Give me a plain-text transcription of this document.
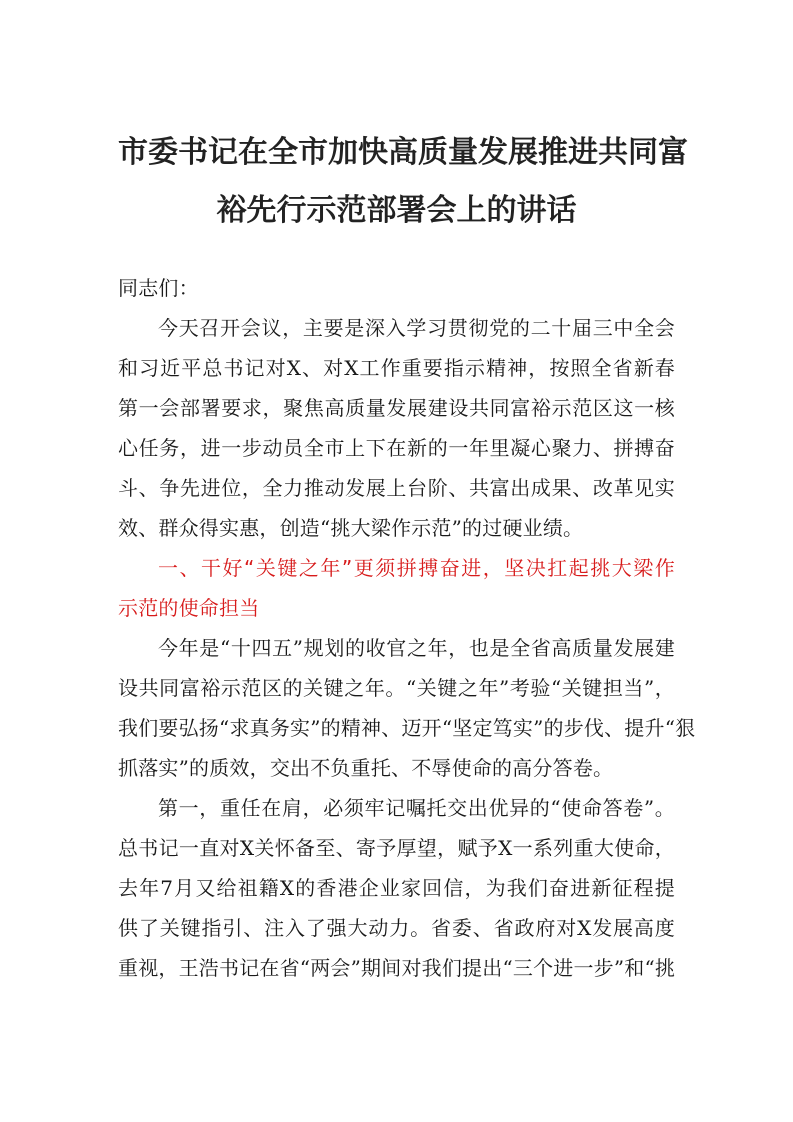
市委书记在全市加快高质量发展推进共同富
裕先行示范部署会上的讲话
同志们：
今天召开会议，主要是深入学习贯彻党的二十届三中全会
和习近平总书记对X、对X工作重要指示精神，按照全省新春
第一会部署要求，聚焦高质量发展建设共同富裕示范区这一核
心任务，进一步动员全市上下在新的一年里凝心聚力、拼搏奋
斗、争先进位，全力推动发展上台阶、共富出成果、改革见实
效、群众得实惠，创造“挑大梁作示范”的过硬业绩。
一、干好“关键之年”更须拼搏奋进，坚决扛起挑大梁作
示范的使命担当
今年是“十四五”规划的收官之年，也是全省高质量发展建
设共同富裕示范区的关键之年。“关键之年”考验“关键担当”，
我们要弘扬“求真务实”的精神、迈开“坚定笃实”的步伐、提升“狠
抓落实”的质效，交出不负重托、不辱使命的高分答卷。
第一，重任在肩，必须牢记嘱托交出优异的“使命答卷”。
总书记一直对X关怀备至、寄予厚望，赋予X一系列重大使命，
去年7月又给祖籍X的香港企业家回信，为我们奋进新征程提
供了关键指引、注入了强大动力。省委、省政府对X发展高度
重视，王浩书记在省“两会”期间对我们提出“三个进一步”和“挑
